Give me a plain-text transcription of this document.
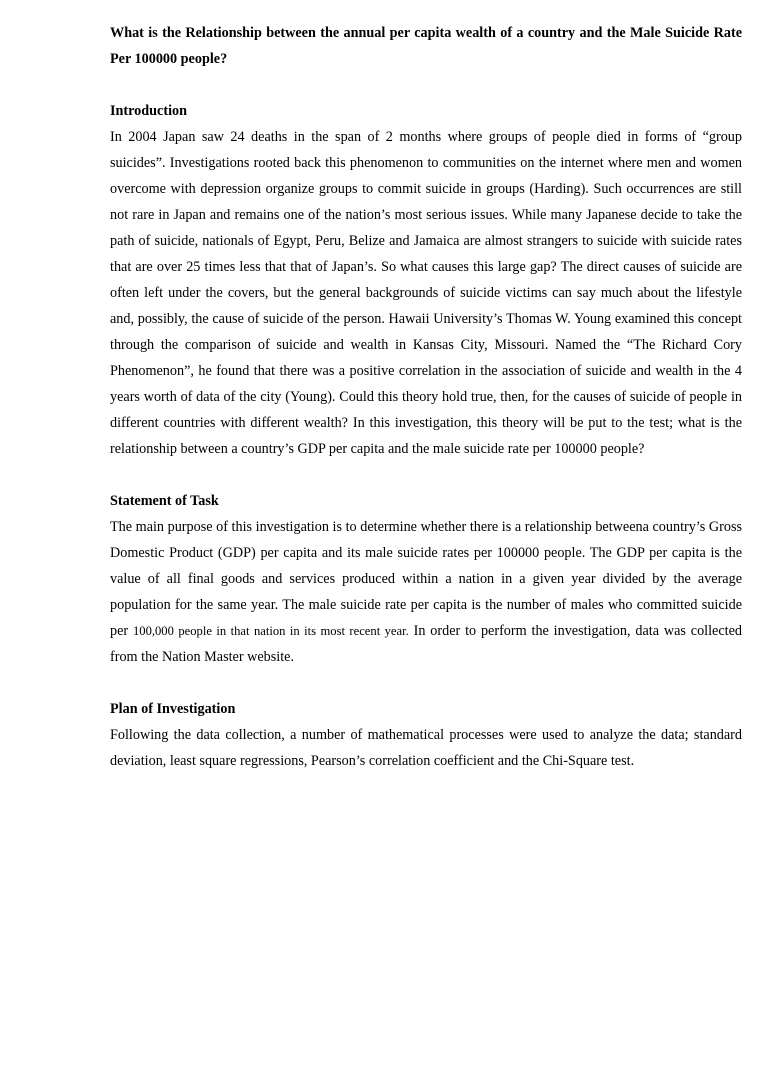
What is the Relationship between the annual per capita wealth of a country and the Male Suicide Rate Per 100000 people?

Introduction

In 2004 Japan saw 24 deaths in the span of 2 months where groups of people died in forms of “group suicides”. Investigations rooted back this phenomenon to communities on the internet where men and women overcome with depression organize groups to commit suicide in groups (Harding). Such occurrences are still not rare in Japan and remains one of the nation’s most serious issues. While many Japanese decide to take the path of suicide, nationals of Egypt, Peru, Belize and Jamaica are almost strangers to suicide with suicide rates that are over 25 times less that that of Japan’s. So what causes this large gap? The direct causes of suicide are often left under the covers, but the general backgrounds of suicide victims can say much about the lifestyle and, possibly, the cause of suicide of the person. Hawaii University’s Thomas W. Young examined this concept through the comparison of suicide and wealth in Kansas City, Missouri. Named the “The Richard Cory Phenomenon”, he found that there was a positive correlation in the association of suicide and wealth in the 4 years worth of data of the city (Young). Could this theory hold true, then, for the causes of suicide of people in different countries with different wealth? In this investigation, this theory will be put to the test; what is the relationship between a country’s GDP per capita and the male suicide rate per 100000 people?

Statement of Task

The main purpose of this investigation is to determine whether there is a relationship betweena country’s Gross Domestic Product (GDP) per capita and its male suicide rates per 100000 people. The GDP per capita is the value of all final goods and services produced within a nation in a given year divided by the average population for the same year. The male suicide rate per capita is the number of males who committed suicide per 100,000 people in that nation in its most recent year. In order to perform the investigation, data was collected from the Nation Master website.

Plan of Investigation

Following the data collection, a number of mathematical processes were used to analyze the data; standard deviation, least square regressions, Pearson’s correlation coefficient and the Chi-Square test.
